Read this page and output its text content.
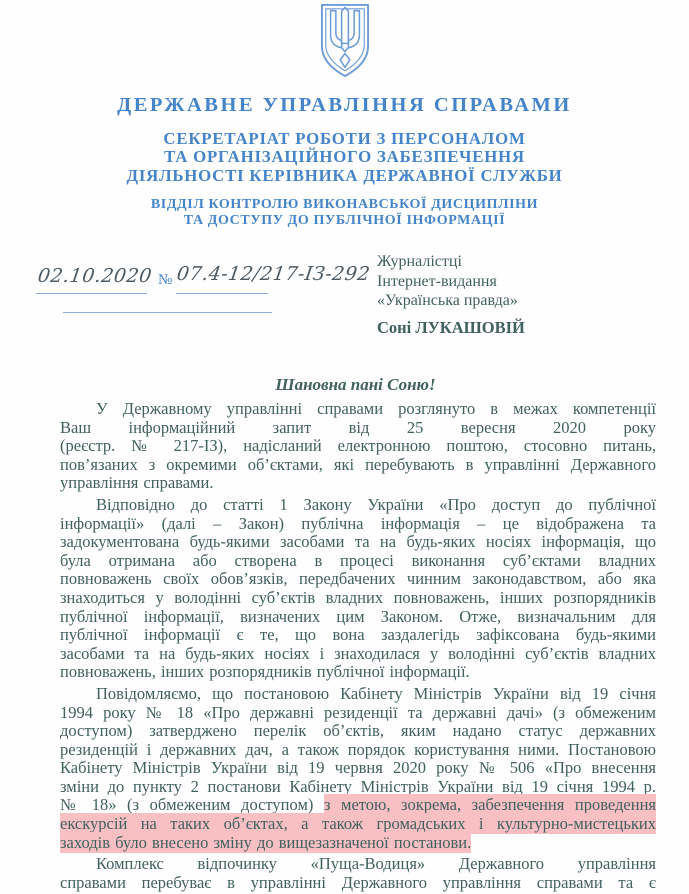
ДЕРЖАВНЕ УПРАВЛІННЯ СПРАВАМИ
СЕКРЕТАРІАТ РОБОТИ З ПЕРСОНАЛОМ
ТА ОРГАНІЗАЦІЙНОГО ЗАБЕЗПЕЧЕННЯ
ДІЯЛЬНОСТІ КЕРІВНИКА ДЕРЖАВНОЇ СЛУЖБИ
ВІДДІЛ КОНТРОЛЮ ВИКОНАВСЬКОЇ ДИСЦИПЛІНИ
ТА ДОСТУПУ ДО ПУБЛІЧНОЇ ІНФОРМАЦІЇ
02.10.2020 № 07.4-12/217-ІЗ-292
Журналістці
Інтернет-видання
«Українська правда»
Соні ЛУКАШОВІЙ
Шановна пані Соню!
У Державному управлінні справами розглянуто в межах компетенції
Ваш інформаційний запит від 25 вересня 2020 року
(реєстр. № 217-ІЗ), надісланий електронною поштою, стосовно питань,
пов’язаних з окремими об’єктами, які перебувають в управлінні Державного
управління справами.
Відповідно до статті 1 Закону України «Про доступ до публічної
інформації» (далі – Закон) публічна інформація – це відображена та
задокументована будь-якими засобами та на будь-яких носіях інформація, що
була отримана або створена в процесі виконання суб’єктами владних
повноважень своїх обов’язків, передбачених чинним законодавством, або яка
знаходиться у володінні суб’єктів владних повноважень, інших розпорядників
публічної інформації, визначених цим Законом. Отже, визначальним для
публічної інформації є те, що вона заздалегідь зафіксована будь-якими
засобами та на будь-яких носіях і знаходилася у володінні суб’єктів владних
повноважень, інших розпорядників публічної інформації.
Повідомляємо, що постановою Кабінету Міністрів України від 19 січня
1994 року № 18 «Про державні резиденції та державні дачі» (з обмеженим
доступом) затверджено перелік об’єктів, яким надано статус державних
резиденцій і державних дач, а також порядок користування ними. Постановою
Кабінету Міністрів України від 19 червня 2020 року № 506 «Про внесення
зміни до пункту 2 постанови Кабінету Міністрів України від 19 січня 1994 р.
№ 18» (з обмеженим доступом) з метою, зокрема, забезпечення проведення
екскурсій на таких об’єктах, а також громадських і культурно-мистецьких
заходів було внесено зміну до вищезазначеної постанови.
Комплекс відпочинку «Пуща-Водиця» Державного управління
справами перебуває в управлінні Державного управління справами та є
